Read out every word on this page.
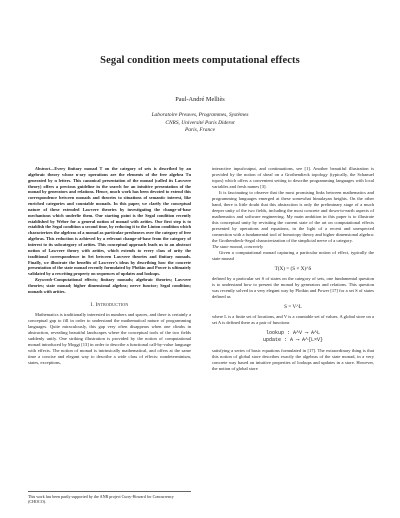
Segal condition meets computational effects
Paul-André Melliès
Laboratoire Preuves, Programmes, Systèmes
CNRS, Université Paris Diderot
Paris, France

Abstract—Every finitary monad T on the category of sets is described by an algebraic theory whose n-ary operations are the elements of the free algebra Tn generated by n letters. This canonical presentation of the monad (called its Lawvere theory) offers a precious guideline in the search for an intuitive presentation of the monad by generators and relations. Hence, much work has been devoted to extend this correspondence between monads and theories to situations of semantic interest, like enriched categories and countable monads. In this paper, we clarify the conceptual nature of these extended Lawvere theories by investigating the change-of-base mechanisms which underlie them. Our starting point is the Segal condition recently established by Weber for a general notion of monad with arities. Our first step is to establish the Segal condition a second time, by reducing it to the Linton condition which characterizes the algebras of a monad as particular presheaves over the category of free algebras. This reduction is achieved by a relevant change-of-base from the category of interest to its subcategory of arities. This conceptual approach leads us to an abstract notion of Lawvere theory with arities, which extends to every class of arity the traditional correspondence in Set between Lawvere theories and finitary monads. Finally, we illustrate the benefits of Lawvere's ideas by describing how the concrete presentation of the state monad recently formulated by Plotkin and Power is ultimately validated by a rewriting property on sequences of updates and lookups.

Keywords-Computational effects; finitary monads; algebraic theories; Lawvere theories; state monad; higher dimensional algebra; nerve functor; Segal condition; monads with arities.

I. Introduction

Mathematics is traditionally interested in numbers and spaces, and there is certainly a conceptual gap to fill in order to understand the mathematical nature of programming languages. Quite miraculously, this gap very often disappears when one climbs in abstraction, revealing beautiful landscapes where the conceptual tools of the two fields suddenly unify. One striking illustration is provided by the notion of computational monad introduced by Moggi [13] in order to describe a functional call-by-value language with effects. The notion of monad is intrinsically mathematical, and offers at the same time a concise and elegant way to describe a wide class of effects: nondeterminism, states, exceptions,

This work has been partly supported by the ANR project Curry-Howard for Concurrency (CHOCO).

interactive input/output, and continuations, see [1]. Another beautiful illustration is provided by the notion of sheaf on a Grothendieck topology (typically, the Schanuel topos) which offers a convenient setting to describe programming languages with local variables and fresh names [3].

It is fascinating to observe that the most promising links between mathematics and programming languages emerged at these somewhat himalayan heights. On the other hand, there is little doubt that this abstraction is only the preliminary stage of a much deeper unity of the two fields, including the most concrete and down-to-earth aspects of mathematics and software engineering. My main ambition in this paper is to illustrate this conceptual unity by revisiting the current state of the art on computational effects presented by operations and equations, in the light of a recent and unexpected connection with a fundamental tool of homotopy theory and higher dimensional algebra: the Grothendieck-Segal characterization of the simplicial nerve of a category.

The state monad, concretely

Given a computational monad capturing a particular notion of effect, typically the state monad

T(X) = (S × X)^S

defined by a particular set S of states on the category of sets, one fundamental question is to understand how to present the monad by generators and relations. This question was recently solved in a very elegant way by Plotkin and Power [17] for a set S of states defined as

S = V^L

where L is a finite set of locations, and V is a countable set of values. A global store on a set A is defined there as a pair of functions

lookup : A^V ⟶ A^L
update : A ⟶ A^{L×V}

satisfying a series of basic equations formulated in [17]. The extraordinary thing is that this notion of global store describes exactly the algebras of the state monad, in a very concrete way based on intuitive properties of lookups and updates in a store. However, the notion of global store
